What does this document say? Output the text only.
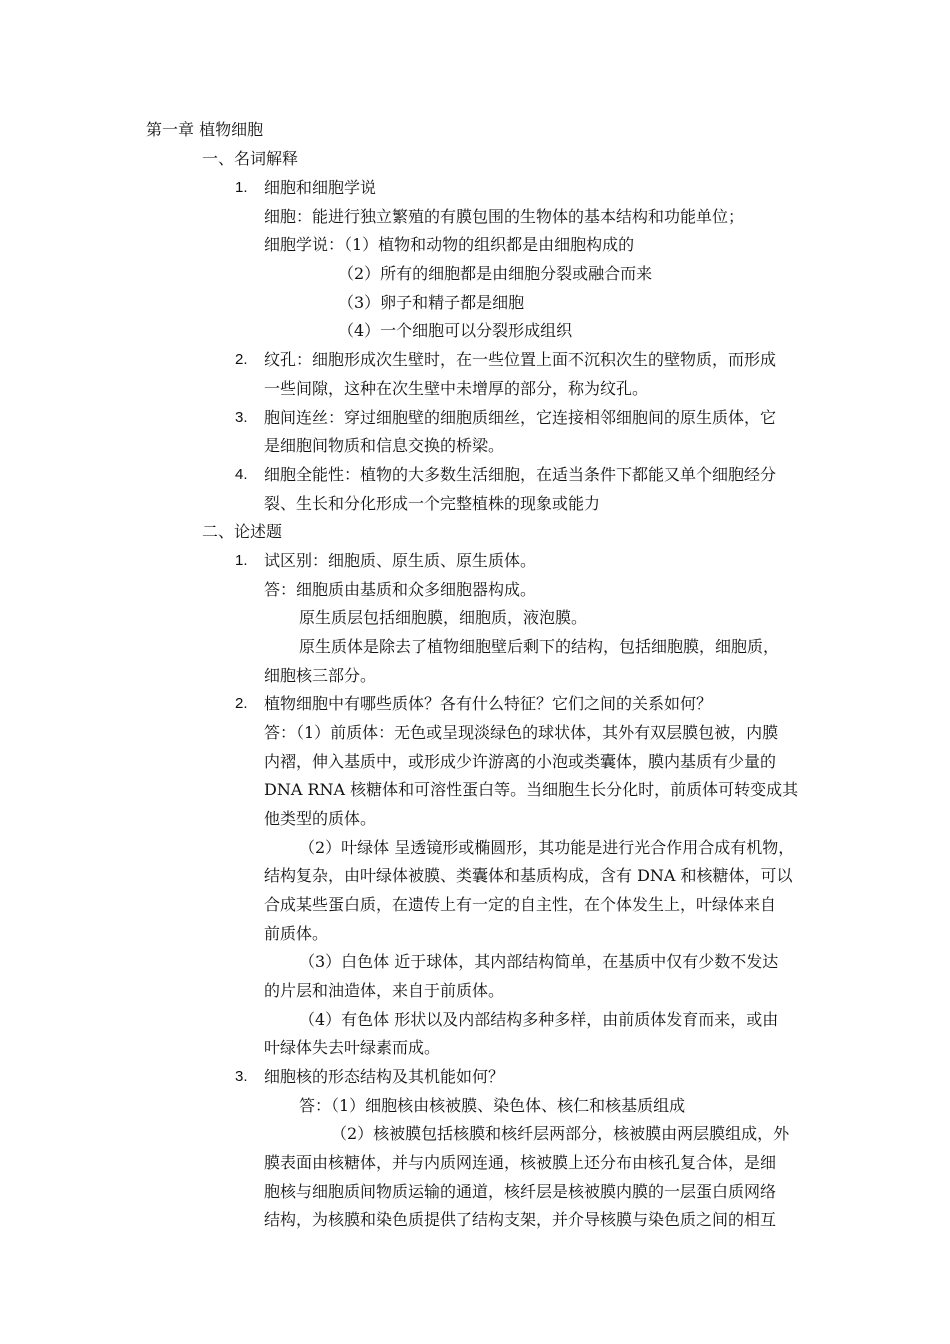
第一章 植物细胞
一、名词解释
1. 细胞和细胞学说
细胞：能进行独立繁殖的有膜包围的生物体的基本结构和功能单位；
细胞学说：（1）植物和动物的组织都是由细胞构成的
（2）所有的细胞都是由细胞分裂或融合而来
（3）卵子和精子都是细胞
（4）一个细胞可以分裂形成组织
2. 纹孔：细胞形成次生壁时，在一些位置上面不沉积次生的壁物质，而形成
一些间隙，这种在次生壁中未增厚的部分，称为纹孔。
3. 胞间连丝：穿过细胞壁的细胞质细丝，它连接相邻细胞间的原生质体，它
是细胞间物质和信息交换的桥梁。
4. 细胞全能性：植物的大多数生活细胞，在适当条件下都能又单个细胞经分
裂、生长和分化形成一个完整植株的现象或能力
二、论述题
1. 试区别：细胞质、原生质、原生质体。
答：细胞质由基质和众多细胞器构成。
原生质层包括细胞膜，细胞质，液泡膜。
原生质体是除去了植物细胞壁后剩下的结构，包括细胞膜，细胞质，
细胞核三部分。
2. 植物细胞中有哪些质体？各有什么特征？它们之间的关系如何？
答：（1）前质体：无色或呈现淡绿色的球状体，其外有双层膜包被，内膜
内褶，伸入基质中，或形成少许游离的小泡或类囊体，膜内基质有少量的
DNA RNA 核糖体和可溶性蛋白等。当细胞生长分化时，前质体可转变成其
他类型的质体。
（2）叶绿体 呈透镜形或椭圆形，其功能是进行光合作用合成有机物，
结构复杂，由叶绿体被膜、类囊体和基质构成，含有 DNA 和核糖体，可以
合成某些蛋白质，在遗传上有一定的自主性，在个体发生上，叶绿体来自
前质体。
（3）白色体 近于球体，其内部结构简单，在基质中仅有少数不发达
的片层和油造体，来自于前质体。
（4）有色体 形状以及内部结构多种多样，由前质体发育而来，或由
叶绿体失去叶绿素而成。
3. 细胞核的形态结构及其机能如何？
答：（1）细胞核由核被膜、染色体、核仁和核基质组成
（2）核被膜包括核膜和核纤层两部分，核被膜由两层膜组成，外
膜表面由核糖体，并与内质网连通，核被膜上还分布由核孔复合体，是细
胞核与细胞质间物质运输的通道，核纤层是核被膜内膜的一层蛋白质网络
结构，为核膜和染色质提供了结构支架，并介导核膜与染色质之间的相互
